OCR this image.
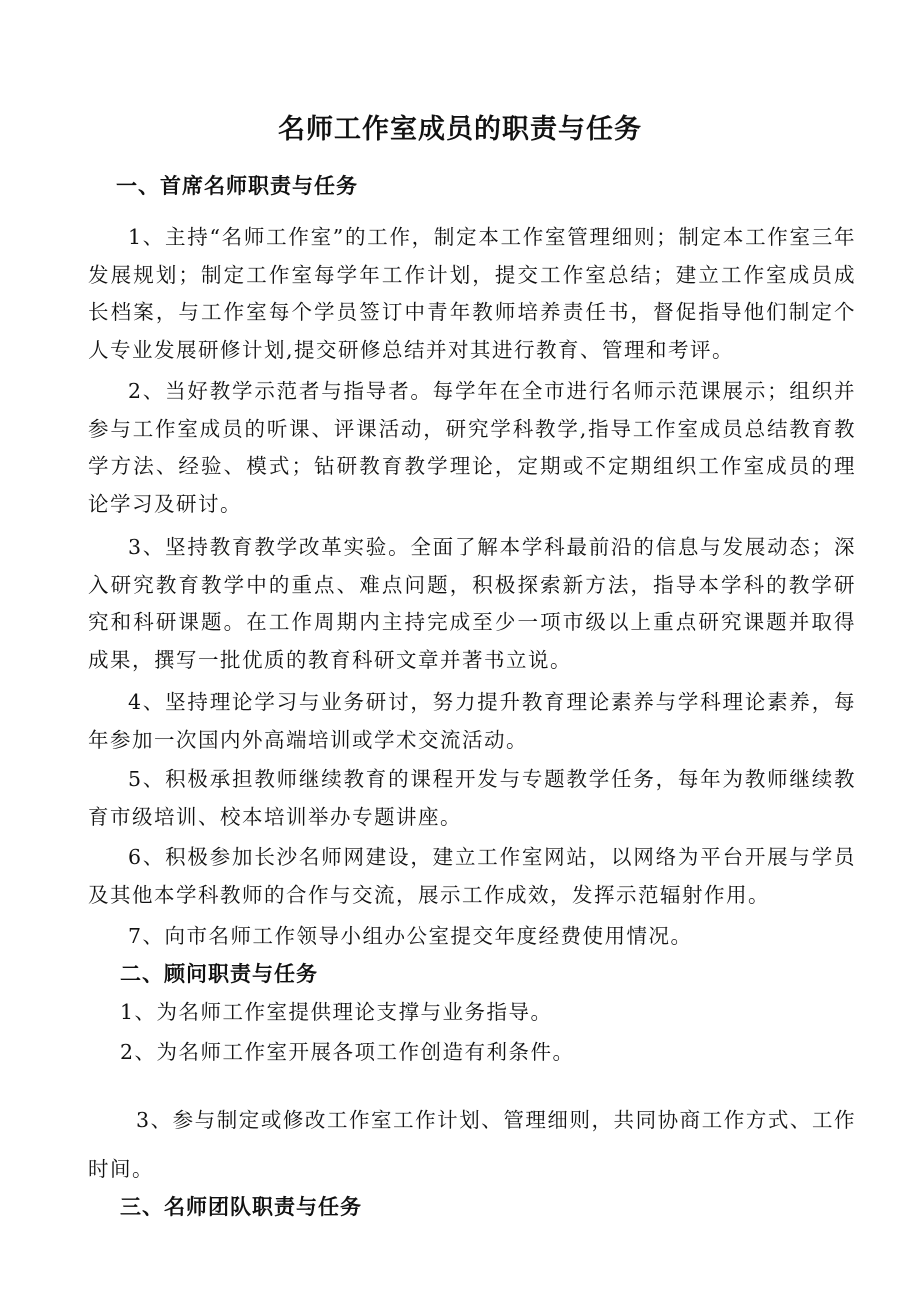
名师工作室成员的职责与任务
一、首席名师职责与任务

1、主持“名师工作室”的工作，制定本工作室管理细则；制定本工作室三年发展规划；制定工作室每学年工作计划，提交工作室总结；建立工作室成员成长档案，与工作室每个学员签订中青年教师培养责任书，督促指导他们制定个人专业发展研修计划,提交研修总结并对其进行教育、管理和考评。

2、当好教学示范者与指导者。每学年在全市进行名师示范课展示；组织并参与工作室成员的听课、评课活动，研究学科教学,指导工作室成员总结教育教学方法、经验、模式；钻研教育教学理论，定期或不定期组织工作室成员的理论学习及研讨。

3、坚持教育教学改革实验。全面了解本学科最前沿的信息与发展动态；深入研究教育教学中的重点、难点问题，积极探索新方法，指导本学科的教学研究和科研课题。在工作周期内主持完成至少一项市级以上重点研究课题并取得成果，撰写一批优质的教育科研文章并著书立说。

4、坚持理论学习与业务研讨，努力提升教育理论素养与学科理论素养，每年参加一次国内外高端培训或学术交流活动。

5、积极承担教师继续教育的课程开发与专题教学任务，每年为教师继续教育市级培训、校本培训举办专题讲座。

6、积极参加长沙名师网建设，建立工作室网站，以网络为平台开展与学员及其他本学科教师的合作与交流，展示工作成效，发挥示范辐射作用。

7、向市名师工作领导小组办公室提交年度经费使用情况。

二、顾问职责与任务
1、为名师工作室提供理论支撑与业务指导。
2、为名师工作室开展各项工作创造有利条件。

3、参与制定或修改工作室工作计划、管理细则，共同协商工作方式、工作时间。

三、名师团队职责与任务
